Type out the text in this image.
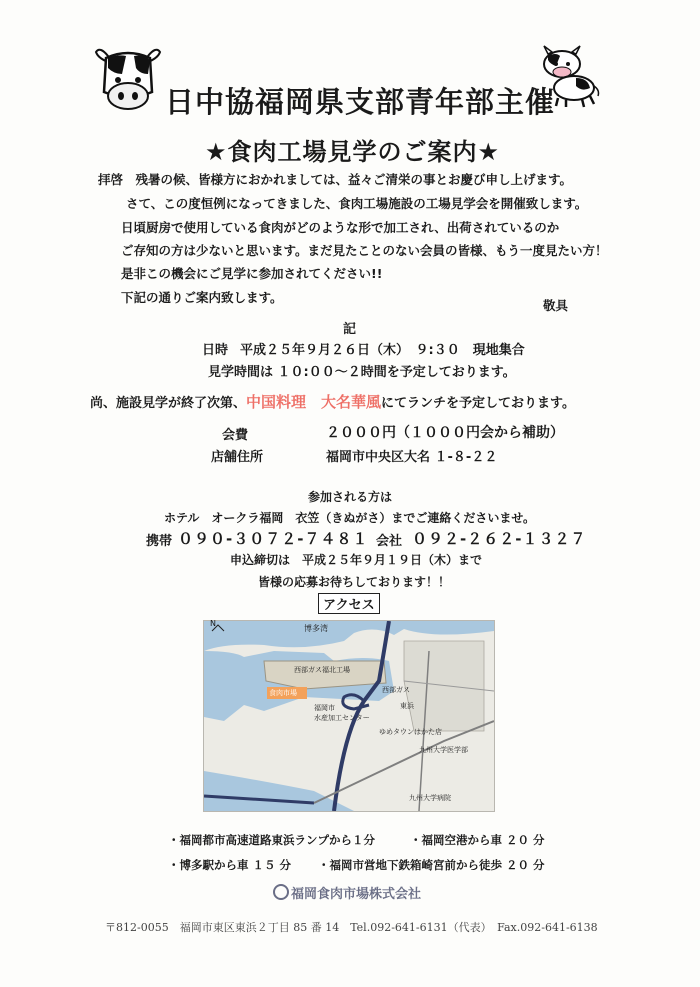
日中協福岡県支部青年部主催
★食肉工場見学のご案内★
拝啓　残暑の候、皆様方におかれましては、益々ご清栄の事とお慶び申し上げます。
さて、この度恒例になってきました、食肉工場施設の工場見学会を開催致します。
日頃厨房で使用している食肉がどのような形で加工され、出荷されているのか
ご存知の方は少ないと思います。まだ見たことのない会員の皆様、もう一度見たい方！
是非この機会にご見学に参加されてください!!
下記の通りご案内致します。
敬具
記
日時 平成２５年９月２６日（木）　９:３０　現地集合
見学時間は １０:００～２時間を予定しております。
尚、施設見学が終了次第、中国料理　大名華風にてランチを予定しております。
会費	２０００円（１０００円会から補助）
店舗住所	福岡市中央区大名 １-８-２２
参加される方は
ホテル　オークラ福岡　衣笠（きぬがさ）までご連絡くださいませ。
携帯 ０９０-３０７２-７４８１ 会社 ０９２-２６２-１３２７
申込締切は　平成２５年９月１９日（木）まで
皆様の応募お待ちしております！！
アクセス
N
博多湾
西部ガス福北工場
食肉市場	西部ガス
福岡市
水産加工センター
東浜
ゆめタウンはかた店
九州大学医学部
九州大学病院
・福岡都市高速道路東浜ランプから１分	・福岡空港から車 ２０ 分
・博多駅から車 １５ 分 ・福岡市営地下鉄箱崎宮前から徒歩 ２０ 分
福岡食肉市場株式会社
〒812-0055　福岡市東区東浜２丁目 85 番 14　Tel.092-641-6131（代表）　Fax.092-641-6138
